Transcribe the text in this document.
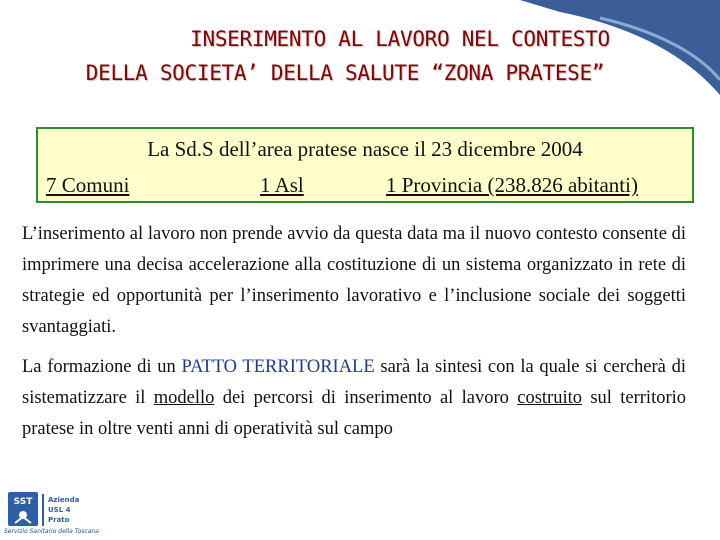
INSERIMENTO AL LAVORO NEL CONTESTO
DELLA SOCIETA’ DELLA SALUTE “ZONA PRATESE”
La Sd.S dell’area pratese nasce il 23 dicembre 2004
7 Comuni	1 Asl	1 Provincia (238.826 abitanti)
L’inserimento al lavoro non prende avvio da questa data ma il nuovo contesto consente di imprimere una decisa accelerazione alla costituzione di un sistema organizzato in rete di strategie ed opportunità per l’inserimento lavorativo e l’inclusione sociale dei soggetti svantaggiati.
La formazione di un PATTO TERRITORIALE sarà la sintesi con la quale si cercherà di sistematizzare il modello dei percorsi di inserimento al lavoro costruito sul territorio pratese in oltre venti anni di operatività sul campo
SST Azienda
USL 4
Prato
Servizio Sanitario della Toscana
